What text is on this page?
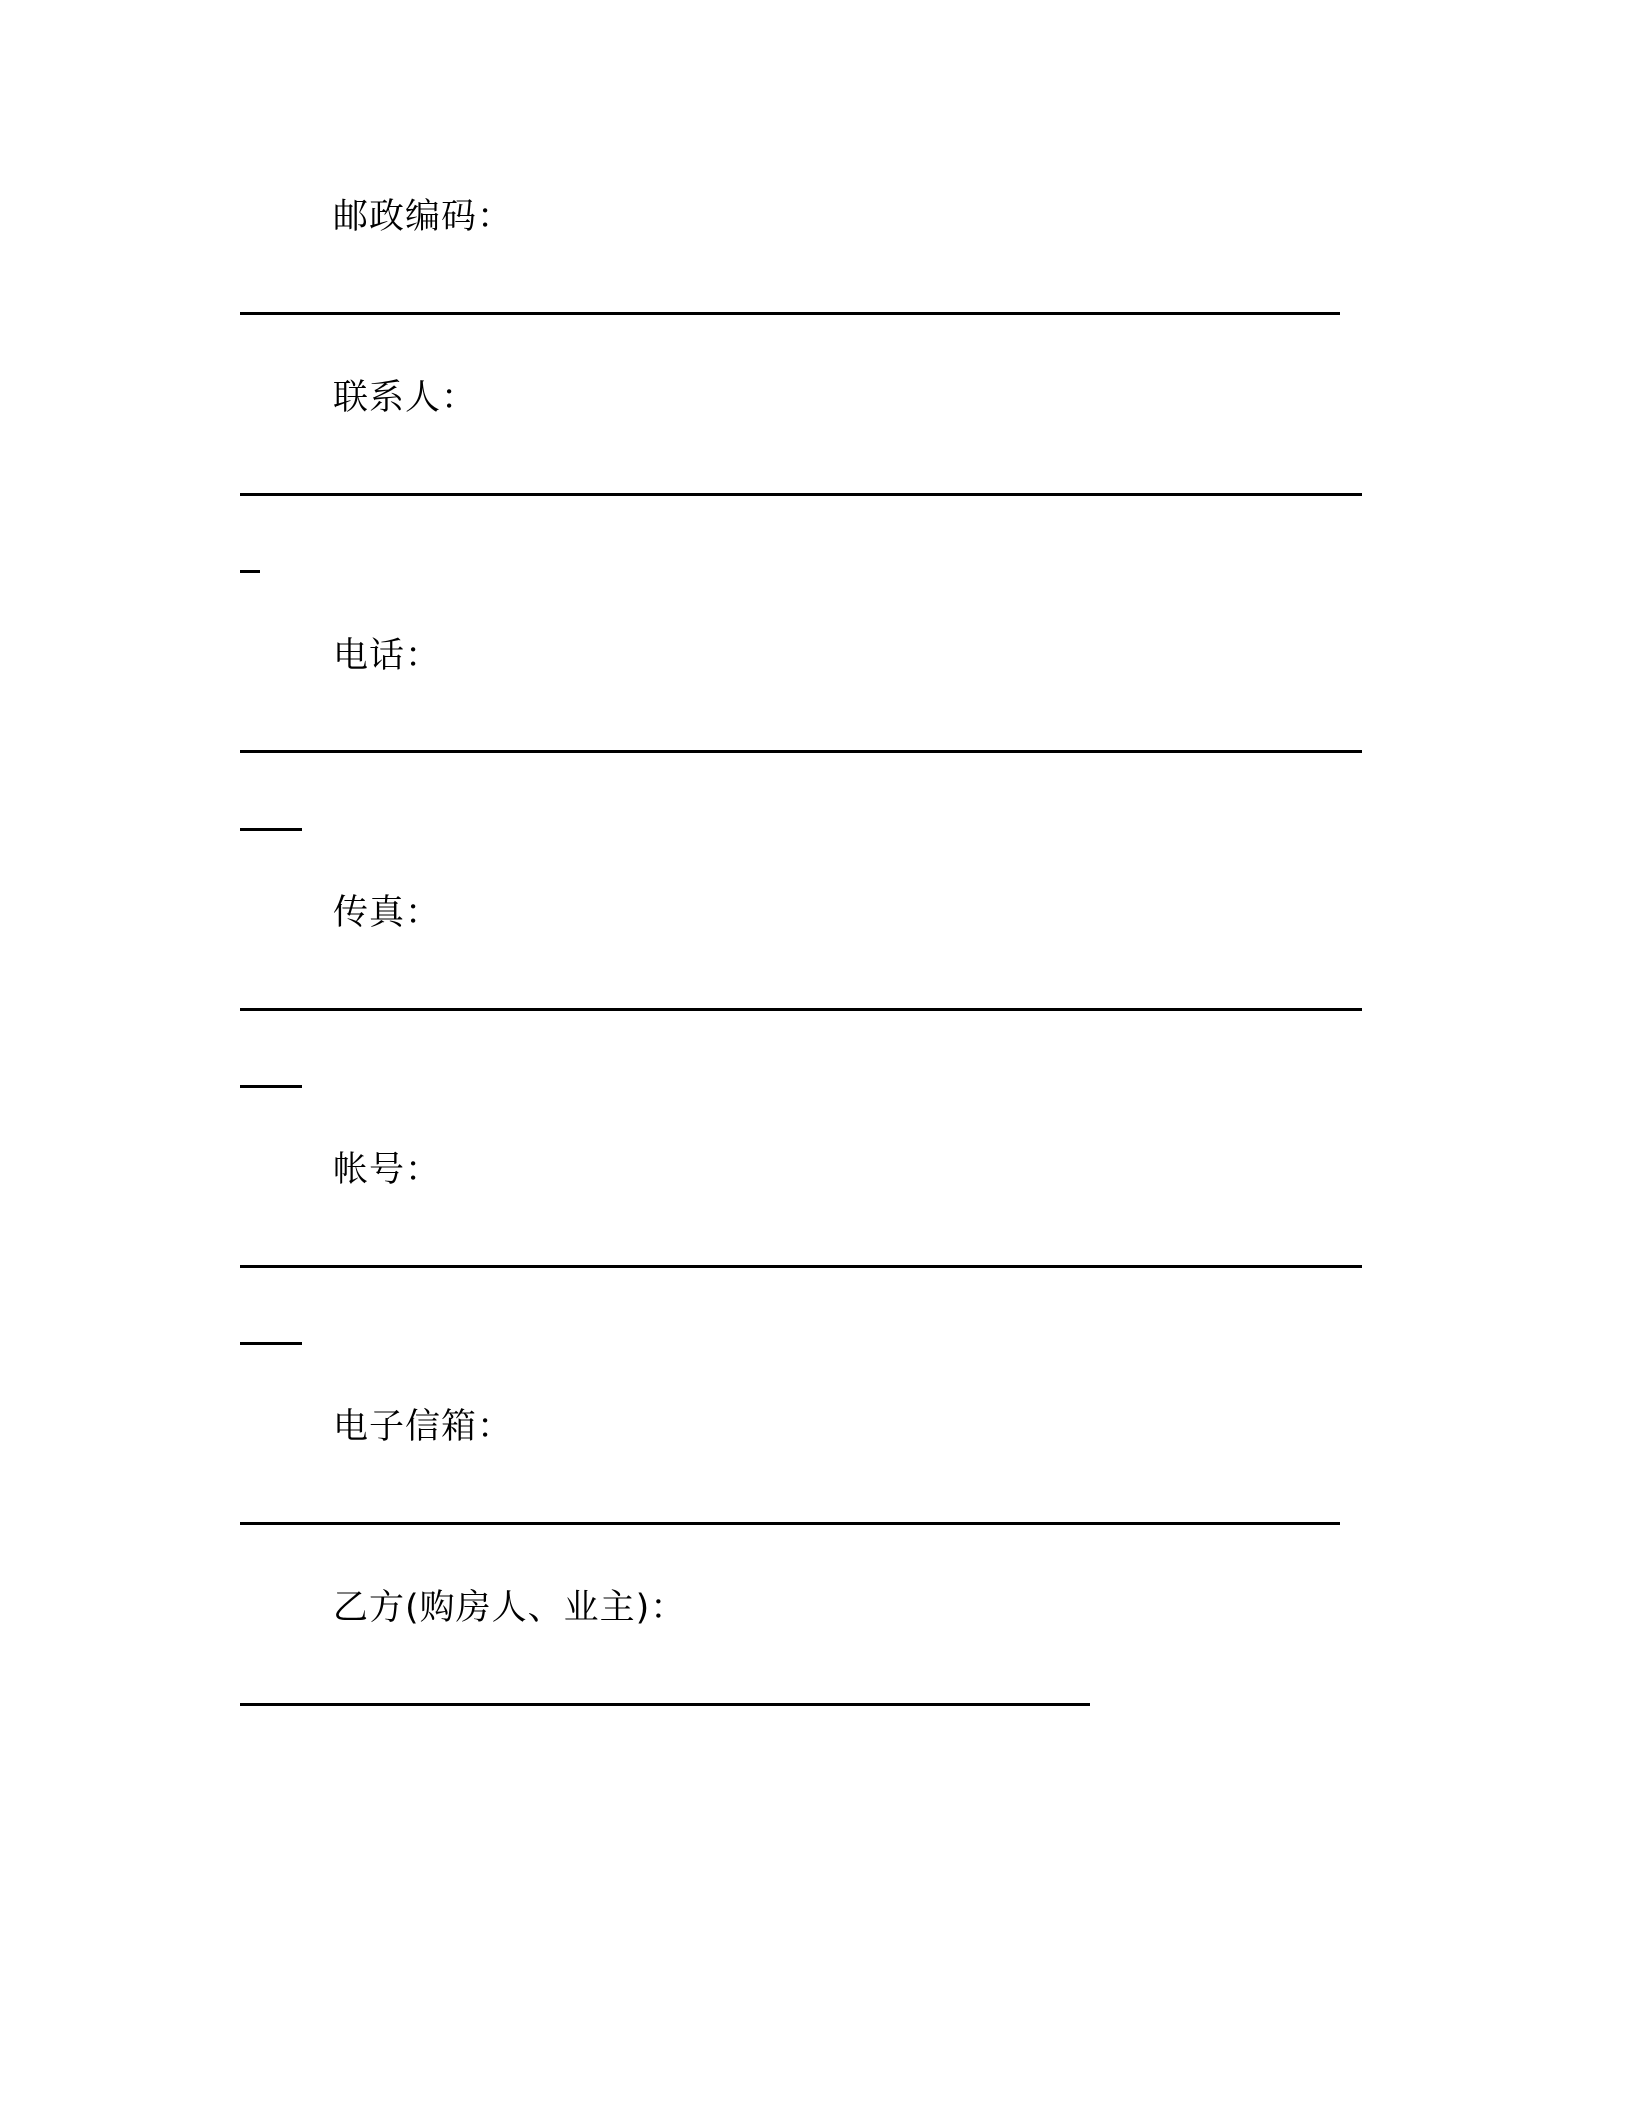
邮政编码：
联系人：
电话：
传真：
帐号：
电子信箱：
乙方(购房人、业主)：
